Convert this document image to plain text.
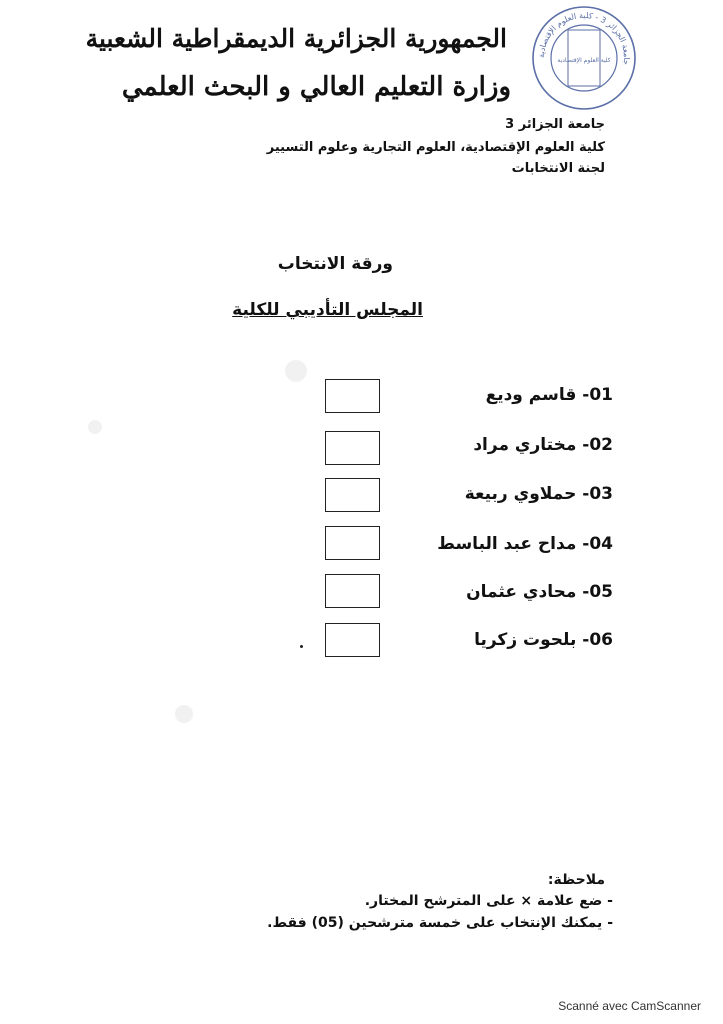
الجمهورية الجزائرية الديمقراطية الشعبية
وزارة التعليم العالي و البحث العلمي
جامعة الجزائر 3 - كلية العلوم الإقتصادية
كلية العلوم الإقتصادية
جامعة الجزائر 3
كلية العلوم الإقتصادية، العلوم التجارية وعلوم التسيير
لجنة الانتخابات
ورقة الانتخاب
المجلس التأديبي للكلية
01- قاسم وديع
02- مختاري مراد
03- حملاوي ربيعة
04- مداح عبد الباسط
05- محادي عثمان
06- بلحوت زكريا
ملاحظة:
- ضع علامة × على المترشح المختار.
- يمكنك الإنتخاب على خمسة مترشحين (05) فقط.
Scanné avec CamScanner
